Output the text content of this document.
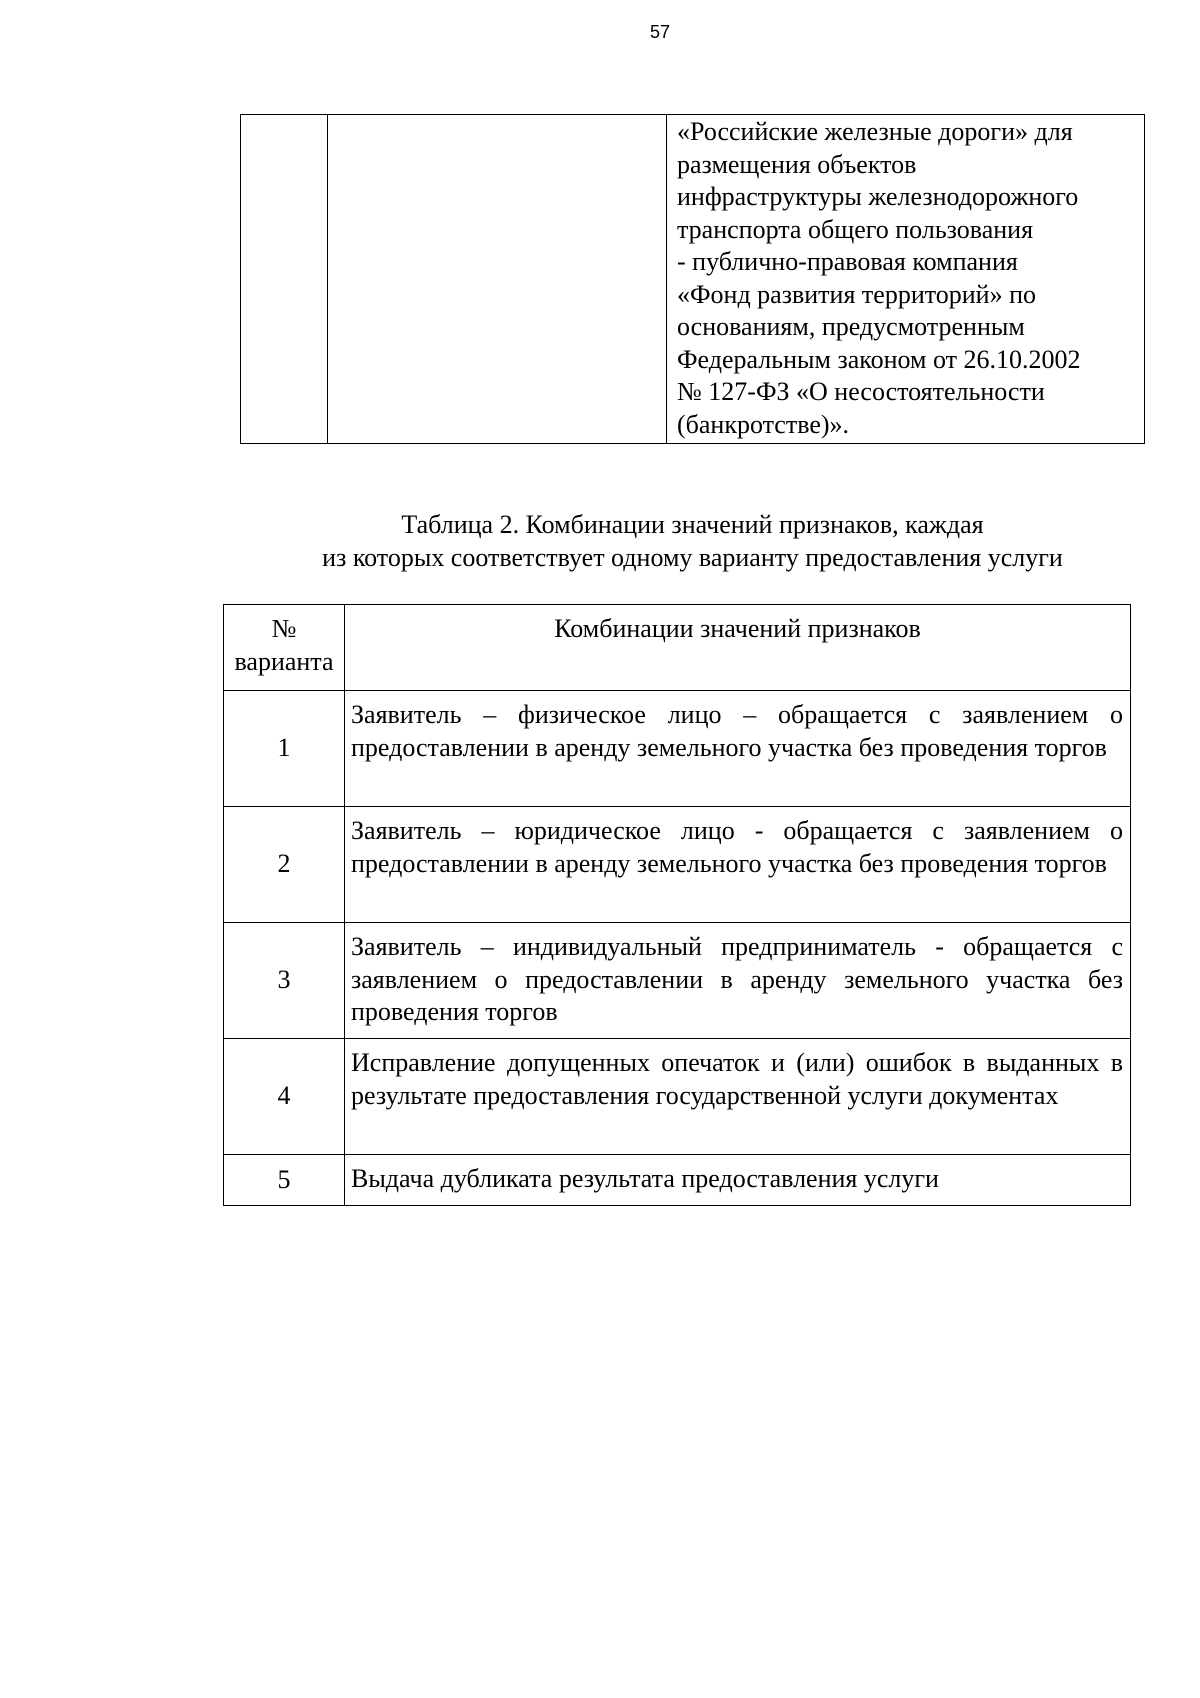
57

«Российские железные дороги» для
размещения объектов
инфраструктуры железнодорожного
транспорта общего пользования
- публично-правовая компания
«Фонд развития территорий» по
основаниям, предусмотренным
Федеральным законом от 26.10.2002
№ 127-ФЗ «О несостоятельности
(банкротстве)».
Таблица 2. Комбинации значений признаков, каждая
из которых соответствует одному варианту предоставления услуги
№
варианта	Комбинации значений признаков
1	Заявитель – физическое лицо – обращается с заявлением о предоставлении в аренду земельного участка без проведения торгов
2	Заявитель – юридическое лицо - обращается с заявлением о предоставлении в аренду земельного участка без проведения торгов
3	Заявитель – индивидуальный предприниматель - обращается с заявлением о предоставлении в аренду земельного участка без проведения торгов
4	Исправление допущенных опечаток и (или) ошибок в выданных в результате предоставления государственной услуги документах
5	Выдача дубликата результата предоставления услуги
